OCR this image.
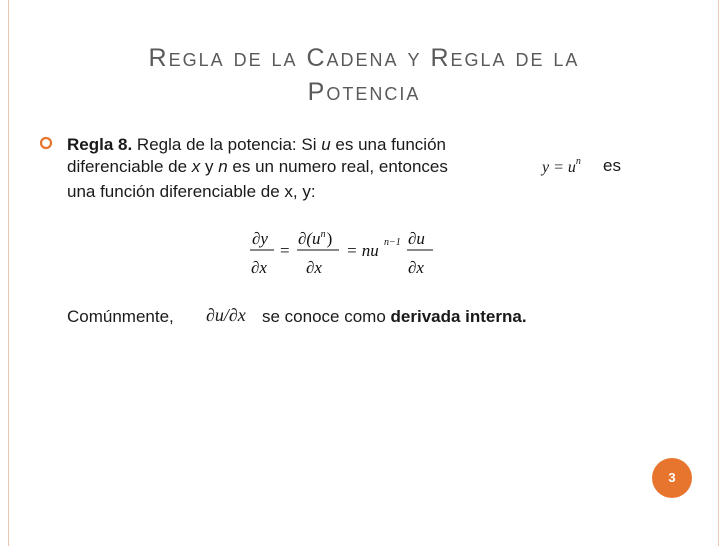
Regla de la Cadena y Regla de la
Potencia
Regla 8. Regla de la potencia: Si u es una función
diferenciable de x y n es un numero real, entonces	$y = u^n$ es
una función diferenciable de x, y:
∂y
∂x
=
$\partial(u^n)$
∂x
= nu n−1 ∂u
∂x
Comúnmente, ∂u/∂x se conoce como derivada interna.
3
